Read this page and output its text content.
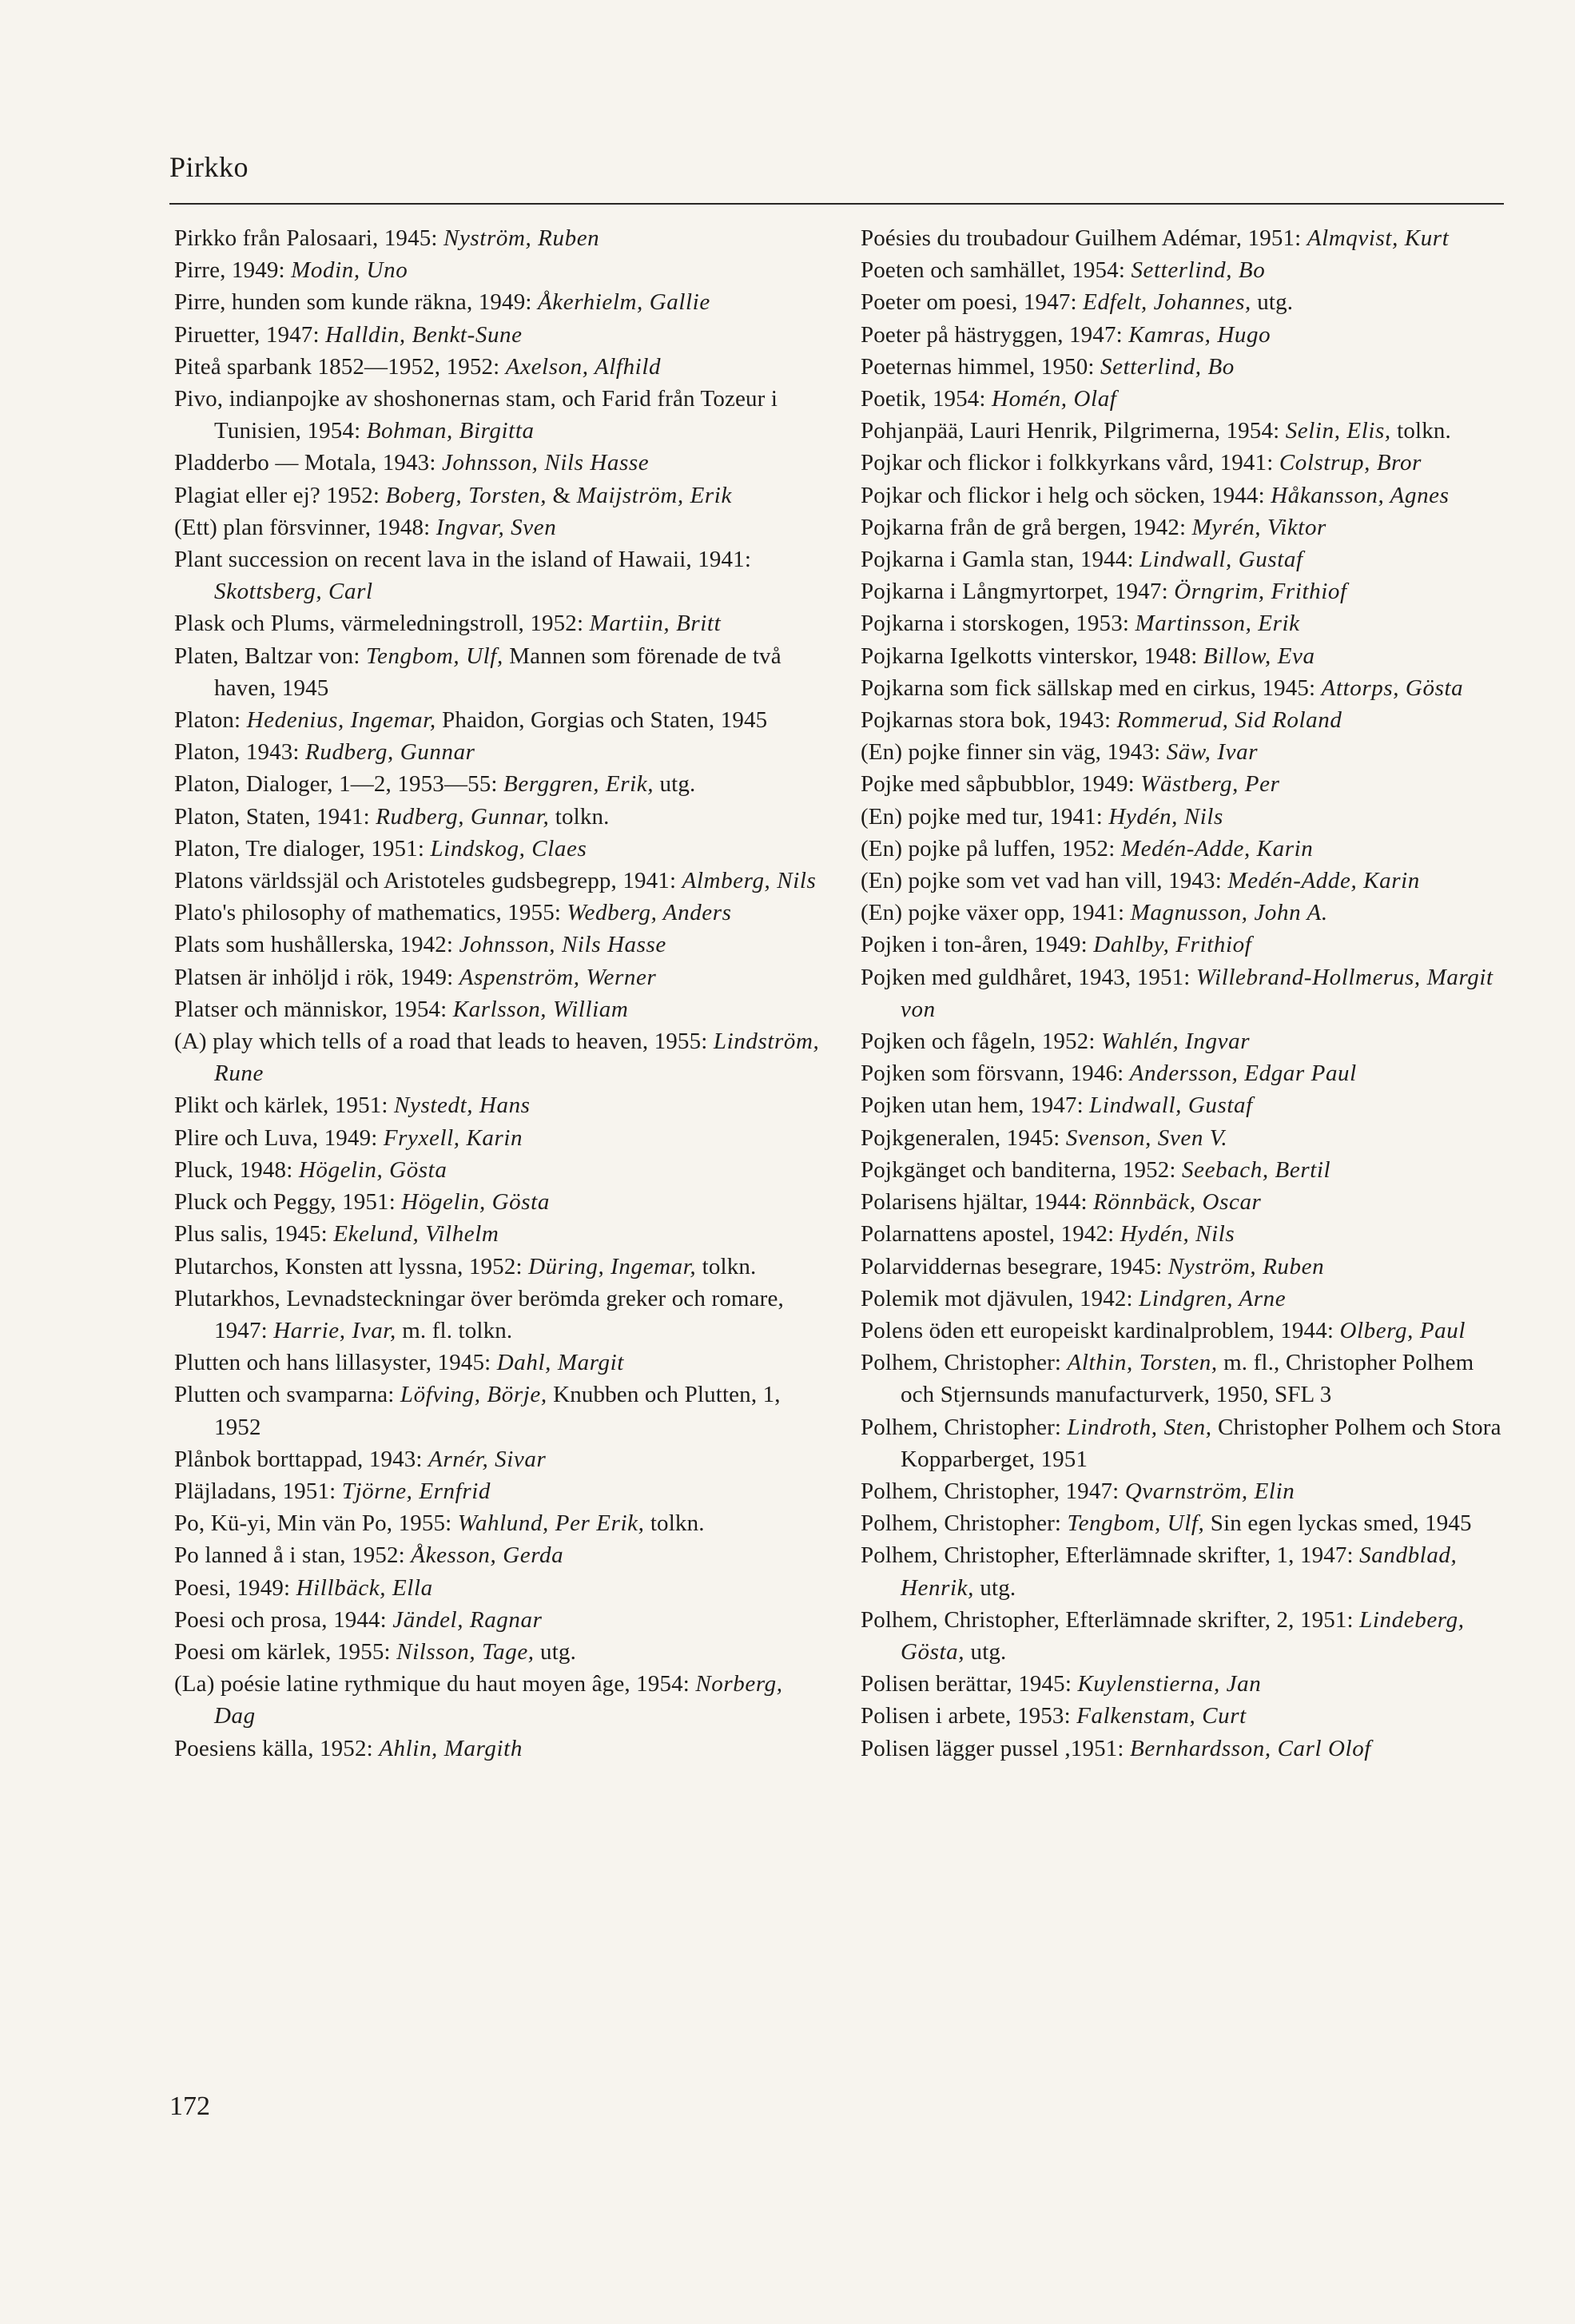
Pirkko

Pirkko från Palosaari, 1945: Nyström, Ruben

Pirre, 1949: Modin, Uno

Pirre, hunden som kunde räkna, 1949: Åkerhielm, Gallie

Piruetter, 1947: Halldin, Benkt-Sune

Piteå sparbank 1852—1952, 1952: Axelson, Alfhild

Pivo, indianpojke av shoshonernas stam, och Farid från Tozeur i Tunisien, 1954: Bohman, Birgitta

Pladderbo — Motala, 1943: Johnsson, Nils Hasse

Plagiat eller ej? 1952: Boberg, Torsten, & Maijström, Erik

(Ett) plan försvinner, 1948: Ingvar, Sven

Plant succession on recent lava in the island of Hawaii, 1941: Skottsberg, Carl

Plask och Plums, värmeledningstroll, 1952: Martiin, Britt

Platen, Baltzar von: Tengbom, Ulf, Mannen som förenade de två haven, 1945

Platon: Hedenius, Ingemar, Phaidon, Gorgias och Staten, 1945

Platon, 1943: Rudberg, Gunnar

Platon, Dialoger, 1—2, 1953—55: Berggren, Erik, utg.

Platon, Staten, 1941: Rudberg, Gunnar, tolkn.

Platon, Tre dialoger, 1951: Lindskog, Claes

Platons världssjäl och Aristoteles gudsbegrepp, 1941: Almberg, Nils

Plato's philosophy of mathematics, 1955: Wedberg, Anders

Plats som hushållerska, 1942: Johnsson, Nils Hasse

Platsen är inhöljd i rök, 1949: Aspenström, Werner

Platser och människor, 1954: Karlsson, William

(A) play which tells of a road that leads to heaven, 1955: Lindström, Rune

Plikt och kärlek, 1951: Nystedt, Hans

Plire och Luva, 1949: Fryxell, Karin

Pluck, 1948: Högelin, Gösta

Pluck och Peggy, 1951: Högelin, Gösta

Plus salis, 1945: Ekelund, Vilhelm

Plutarchos, Konsten att lyssna, 1952: Düring, Ingemar, tolkn.

Plutarkhos, Levnadsteckningar över berömda greker och romare, 1947: Harrie, Ivar, m. fl. tolkn.

Plutten och hans lillasyster, 1945: Dahl, Margit

Plutten och svamparna: Löfving, Börje, Knubben och Plutten, 1, 1952

Plånbok borttappad, 1943: Arnér, Sivar

Pläjladans, 1951: Tjörne, Ernfrid

Po, Kü-yi, Min vän Po, 1955: Wahlund, Per Erik, tolkn.

Po lanned å i stan, 1952: Åkesson, Gerda

Poesi, 1949: Hillbäck, Ella

Poesi och prosa, 1944: Jändel, Ragnar

Poesi om kärlek, 1955: Nilsson, Tage, utg.

(La) poésie latine rythmique du haut moyen âge, 1954: Norberg, Dag

Poesiens källa, 1952: Ahlin, Margith

Poésies du troubadour Guilhem Adémar, 1951: Almqvist, Kurt

Poeten och samhället, 1954: Setterlind, Bo

Poeter om poesi, 1947: Edfelt, Johannes, utg.

Poeter på hästryggen, 1947: Kamras, Hugo

Poeternas himmel, 1950: Setterlind, Bo

Poetik, 1954: Homén, Olaf

Pohjanpää, Lauri Henrik, Pilgrimerna, 1954: Selin, Elis, tolkn.

Pojkar och flickor i folkkyrkans vård, 1941: Colstrup, Bror

Pojkar och flickor i helg och söcken, 1944: Håkansson, Agnes

Pojkarna från de grå bergen, 1942: Myrén, Viktor

Pojkarna i Gamla stan, 1944: Lindwall, Gustaf

Pojkarna i Långmyrtorpet, 1947: Örngrim, Frithiof

Pojkarna i storskogen, 1953: Martinsson, Erik

Pojkarna Igelkotts vinterskor, 1948: Billow, Eva

Pojkarna som fick sällskap med en cirkus, 1945: Attorps, Gösta

Pojkarnas stora bok, 1943: Rommerud, Sid Roland

(En) pojke finner sin väg, 1943: Säw, Ivar

Pojke med såpbubblor, 1949: Wästberg, Per

(En) pojke med tur, 1941: Hydén, Nils

(En) pojke på luffen, 1952: Medén-Adde, Karin

(En) pojke som vet vad han vill, 1943: Medén-Adde, Karin

(En) pojke växer opp, 1941: Magnusson, John A.

Pojken i ton-åren, 1949: Dahlby, Frithiof

Pojken med guldhåret, 1943, 1951: Willebrand-Hollmerus, Margit von

Pojken och fågeln, 1952: Wahlén, Ingvar

Pojken som försvann, 1946: Andersson, Edgar Paul

Pojken utan hem, 1947: Lindwall, Gustaf

Pojkgeneralen, 1945: Svenson, Sven V.

Pojkgänget och banditerna, 1952: Seebach, Bertil

Polarisens hjältar, 1944: Rönnbäck, Oscar

Polarnattens apostel, 1942: Hydén, Nils

Polarviddernas besegrare, 1945: Nyström, Ruben

Polemik mot djävulen, 1942: Lindgren, Arne

Polens öden ett europeiskt kardinalproblem, 1944: Olberg, Paul

Polhem, Christopher: Althin, Torsten, m. fl., Christopher Polhem och Stjernsunds manufacturverk, 1950, SFL 3

Polhem, Christopher: Lindroth, Sten, Christopher Polhem och Stora Kopparberget, 1951

Polhem, Christopher, 1947: Qvarnström, Elin

Polhem, Christopher: Tengbom, Ulf, Sin egen lyckas smed, 1945

Polhem, Christopher, Efterlämnade skrifter, 1, 1947: Sandblad, Henrik, utg.

Polhem, Christopher, Efterlämnade skrifter, 2, 1951: Lindeberg, Gösta, utg.

Polisen berättar, 1945: Kuylenstierna, Jan

Polisen i arbete, 1953: Falkenstam, Curt

Polisen lägger pussel ,1951: Bernhardsson, Carl Olof

172
